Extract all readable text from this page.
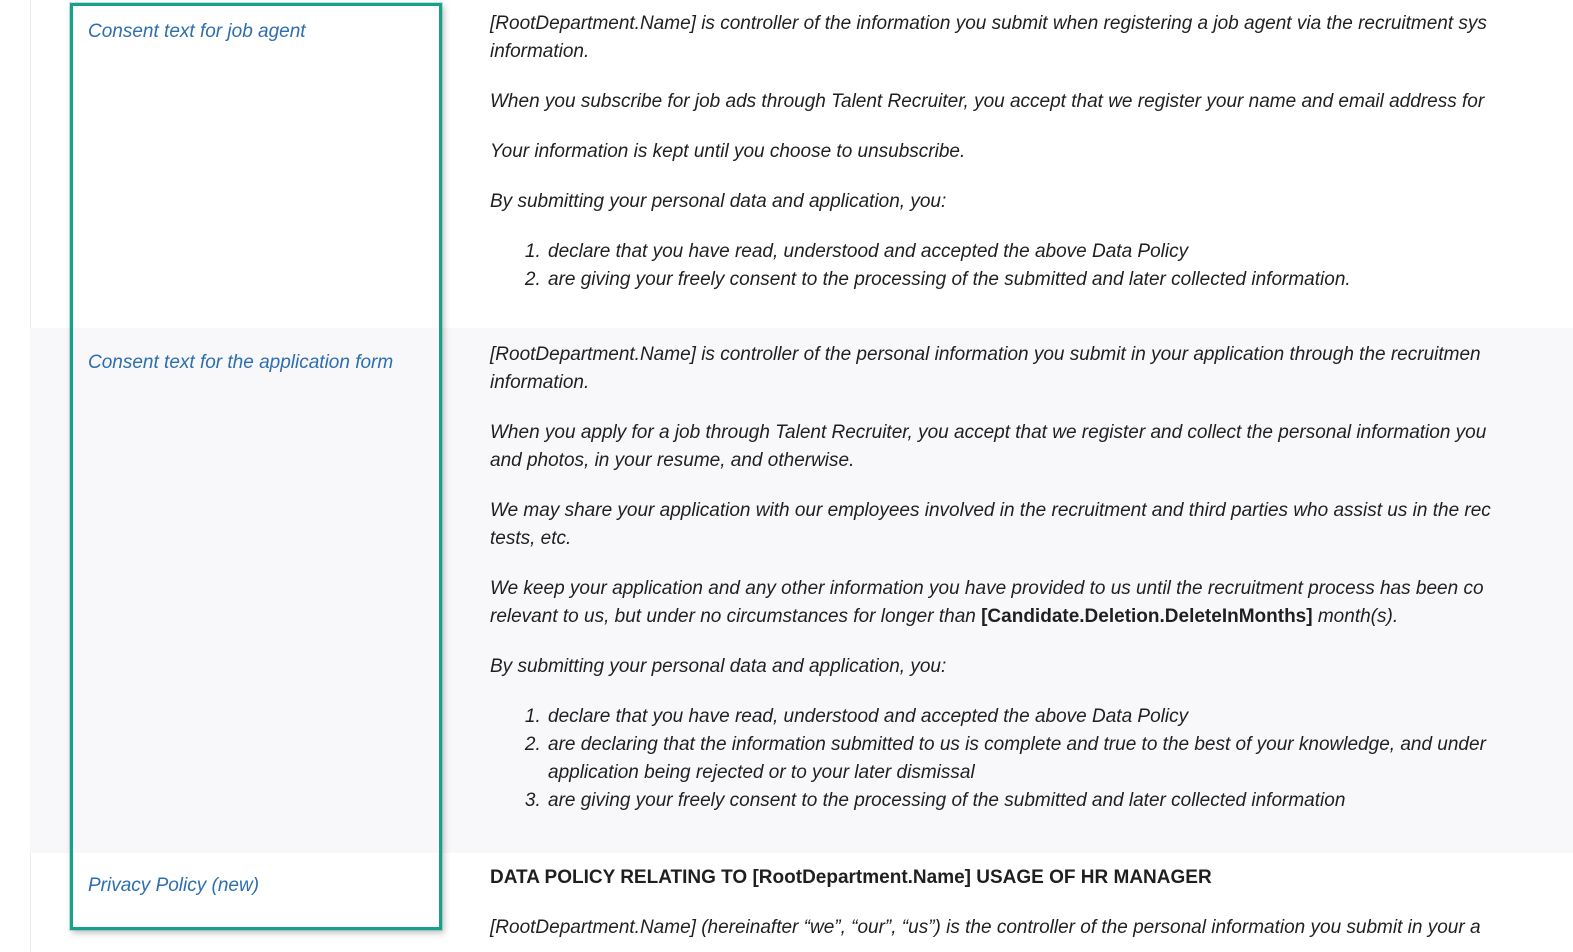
Consent text for job agent	[RootDepartment.Name] is controller of the information you submit when registering a job agent via the recruitment sys

information.

When you subscribe for job ads through Talent Recruiter, you accept that we register your name and email address for

Your information is kept until you choose to unsubscribe.

By submitting your personal data and application, you:

1. declare that you have read, understood and accepted the above Data Policy
2. are giving your freely consent to the processing of the submitted and later collected information.
Consent text for the application form	[RootDepartment.Name] is controller of the personal information you submit in your application through the recruitmen

information.

When you apply for a job through Talent Recruiter, you accept that we register and collect the personal information you

and photos, in your resume, and otherwise.

We may share your application with our employees involved in the recruitment and third parties who assist us in the rec

tests, etc.

We keep your application and any other information you have provided to us until the recruitment process has been co

relevant to us, but under no circumstances for longer than [Candidate.Deletion.DeleteInMonths] month(s).

By submitting your personal data and application, you:

1. declare that you have read, understood and accepted the above Data Policy
2. are declaring that the information submitted to us is complete and true to the best of your knowledge, and under
application being rejected or to your later dismissal
3. are giving your freely consent to the processing of the submitted and later collected information
Privacy Policy (new)	DATA POLICY RELATING TO [RootDepartment.Name] USAGE OF HR MANAGER

[RootDepartment.Name] (hereinafter “we”, “our”, “us”) is the controller of the personal information you submit in your a
